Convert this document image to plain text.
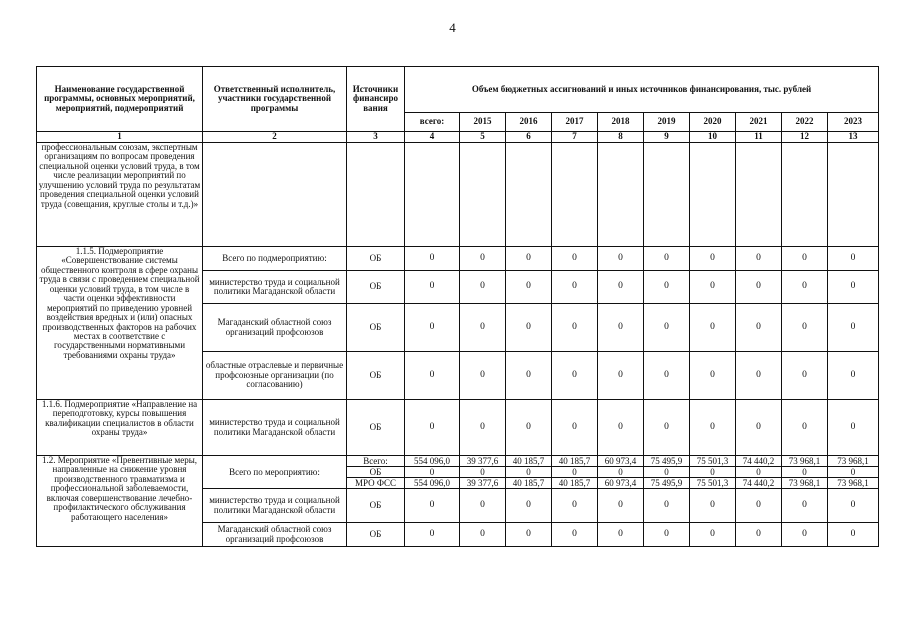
4
Наименование государственной программы, основных мероприятий, мероприятий, подмероприятий	Ответственный исполнитель, участники государственной программы	Источники финансиро вания	Объем бюджетных ассигнований и иных источников финансирования, тыс. рублей									
			всего:	2015	2016	2017	2018	2019	2020	2021	2022	2023
1	2	3	4	5	6	7	8	9	10	11	12	13
профессиональным союзам, экспертным организациям по вопросам проведения специальной оценки условий труда, в том числе реализации мероприятий по улучшению условий труда по результатам проведения специальной оценки условий труда (совещания, круглые столы и т.д.)»												
1.1.5. Подмероприятие «Совершенствование системы общественного контроля в сфере охраны труда в связи с проведением специальной оценки условий труда, в том числе в части оценки эффективности мероприятий по приведению уровней воздействия вредных и (или) опасных производственных факторов на рабочих местах в соответствие с государственными нормативными требованиями охраны труда»	Всего по подмероприятию:	ОБ	0	0	0	0	0	0	0	0	0	0
	министерство труда и социальной политики Магаданской области	ОБ	0	0	0	0	0	0	0	0	0	0
	Магаданский областной союз организаций профсоюзов	ОБ	0	0	0	0	0	0	0	0	0	0
	областные отраслевые и первичные профсоюзные организации (по согласованию)	ОБ	0	0	0	0	0	0	0	0	0	0
1.1.6. Подмероприятие «Направление на переподготовку, курсы повышения квалификации специалистов в области охраны труда»	министерство труда и социальной политики Магаданской области	ОБ	0	0	0	0	0	0	0	0	0	0
1.2. Мероприятие «Превентивные меры, направленные на снижение уровня производственного травматизма и профессиональной заболеваемости, включая совершенствование лечебно-профилактического обслуживания работающего населения»	Всего по мероприятию:	Всего:	554 096,0	39 377,6	40 185,7	40 185,7	60 973,4	75 495,9	75 501,3	74 440,2	73 968,1	73 968,1
		ОБ	0	0	0	0	0	0	0	0	0	0
		МРО ФСС	554 096,0	39 377,6	40 185,7	40 185,7	60 973,4	75 495,9	75 501,3	74 440,2	73 968,1	73 968,1
	министерство труда и социальной политики Магаданской области	ОБ	0	0	0	0	0	0	0	0	0	0
	Магаданский областной союз организаций профсоюзов	ОБ	0	0	0	0	0	0	0	0	0	0
